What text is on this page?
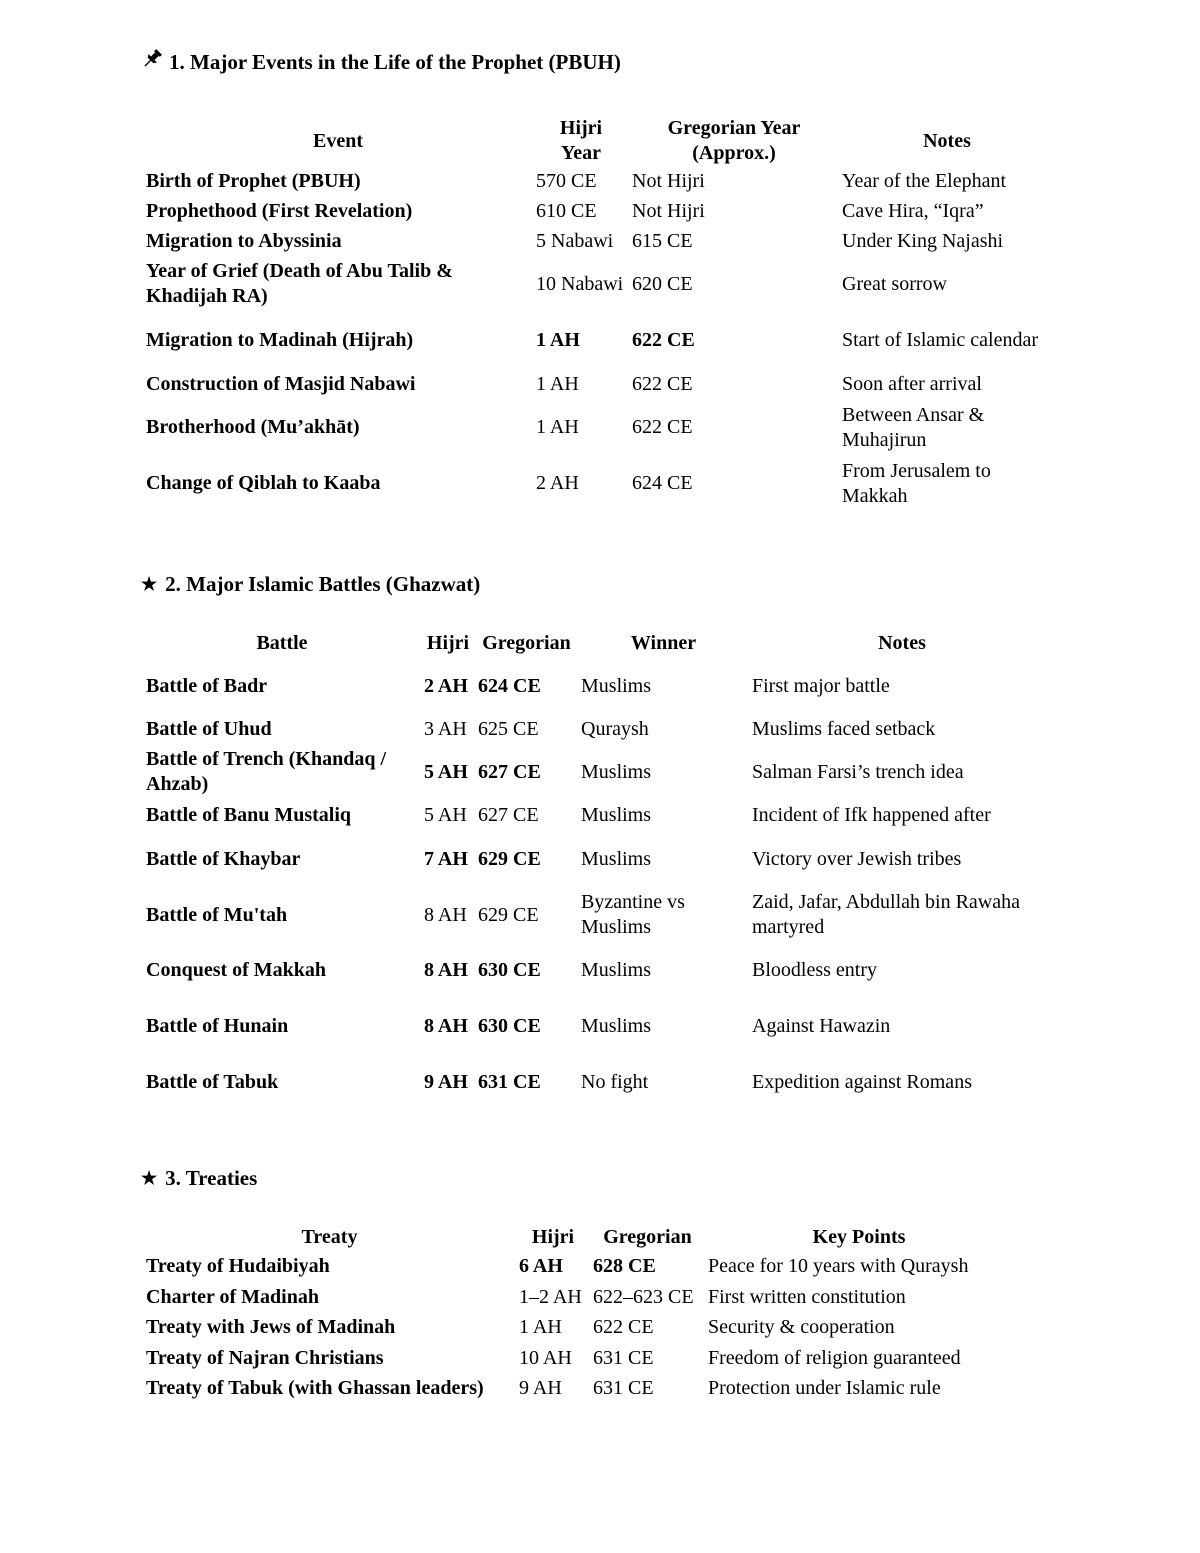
1. Major Events in the Life of the Prophet (PBUH)
Event	Hijri Year	Gregorian Year (Approx.)	Notes
Birth of Prophet (PBUH)	570 CE	Not Hijri	Year of the Elephant
Prophethood (First Revelation)	610 CE	Not Hijri	Cave Hira, “Iqra”
Migration to Abyssinia	5 Nabawi	615 CE	Under King Najashi
Year of Grief (Death of Abu Talib & Khadijah RA)	10 Nabawi	620 CE	Great sorrow
Migration to Madinah (Hijrah)	1 AH	622 CE	Start of Islamic calendar
Construction of Masjid Nabawi	1 AH	622 CE	Soon after arrival
Brotherhood (Mu’akhāt)	1 AH	622 CE	Between Ansar & Muhajirun
Change of Qiblah to Kaaba	2 AH	624 CE	From Jerusalem to Makkah
★ 2. Major Islamic Battles (Ghazwat)
Battle	Hijri	Gregorian	Winner	Notes
Battle of Badr	2 AH	624 CE	Muslims	First major battle
Battle of Uhud	3 AH	625 CE	Quraysh	Muslims faced setback
Battle of Trench (Khandaq / Ahzab)	5 AH	627 CE	Muslims	Salman Farsi’s trench idea
Battle of Banu Mustaliq	5 AH	627 CE	Muslims	Incident of Ifk happened after
Battle of Khaybar	7 AH	629 CE	Muslims	Victory over Jewish tribes
Battle of Mu'tah	8 AH	629 CE	Byzantine vs Muslims	Zaid, Jafar, Abdullah bin Rawaha martyred
Conquest of Makkah	8 AH	630 CE	Muslims	Bloodless entry
Battle of Hunain	8 AH	630 CE	Muslims	Against Hawazin
Battle of Tabuk	9 AH	631 CE	No fight	Expedition against Romans
★ 3. Treaties
Treaty	Hijri	Gregorian	Key Points
Treaty of Hudaibiyah	6 AH	628 CE	Peace for 10 years with Quraysh
Charter of Madinah	1–2 AH	622–623 CE	First written constitution
Treaty with Jews of Madinah	1 AH	622 CE	Security & cooperation
Treaty of Najran Christians	10 AH	631 CE	Freedom of religion guaranteed
Treaty of Tabuk (with Ghassan leaders)	9 AH	631 CE	Protection under Islamic rule
